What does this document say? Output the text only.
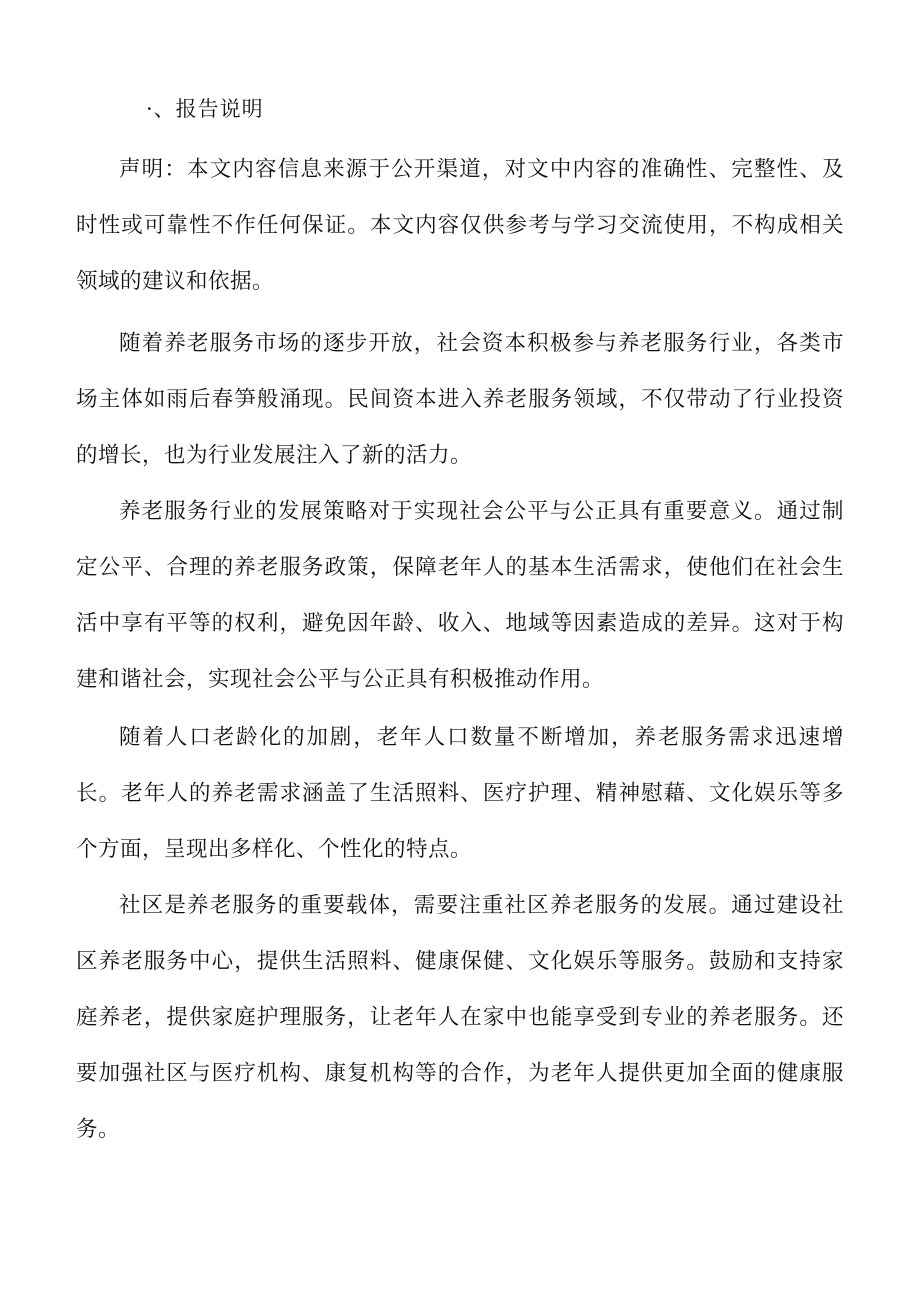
·、报告说明

声明：本文内容信息来源于公开渠道，对文中内容的准确性、完整性、及时性或可靠性不作任何保证。本文内容仅供参考与学习交流使用，不构成相关领域的建议和依据。

随着养老服务市场的逐步开放，社会资本积极参与养老服务行业，各类市场主体如雨后春笋般涌现。民间资本进入养老服务领域，不仅带动了行业投资的增长，也为行业发展注入了新的活力。

养老服务行业的发展策略对于实现社会公平与公正具有重要意义。通过制定公平、合理的养老服务政策，保障老年人的基本生活需求，使他们在社会生活中享有平等的权利，避免因年龄、收入、地域等因素造成的差异。这对于构建和谐社会，实现社会公平与公正具有积极推动作用。

随着人口老龄化的加剧，老年人口数量不断增加，养老服务需求迅速增长。老年人的养老需求涵盖了生活照料、医疗护理、精神慰藉、文化娱乐等多个方面，呈现出多样化、个性化的特点。

社区是养老服务的重要载体，需要注重社区养老服务的发展。通过建设社区养老服务中心，提供生活照料、健康保健、文化娱乐等服务。鼓励和支持家庭养老，提供家庭护理服务，让老年人在家中也能享受到专业的养老服务。还要加强社区与医疗机构、康复机构等的合作，为老年人提供更加全面的健康服务。
